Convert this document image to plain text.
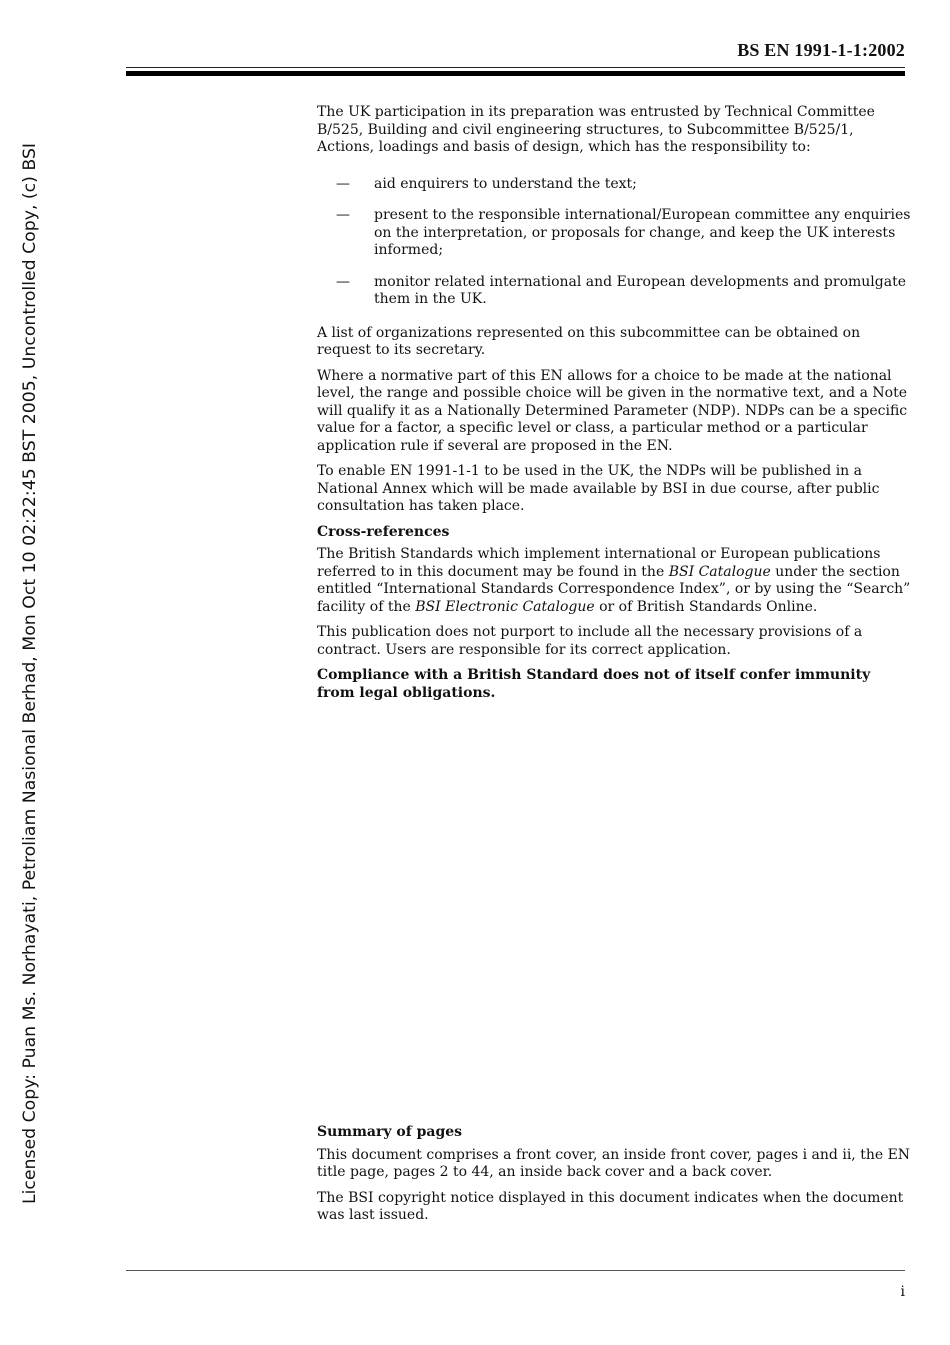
Licensed Copy: Puan Ms. Norhayati, Petroliam Nasional Berhad, Mon Oct 10 02:22:45 BST 2005, Uncontrolled Copy, (c) BSI
BS EN 1991-1-1:2002

The UK participation in its preparation was entrusted by Technical Committee B/525, Building and civil engineering structures, to Subcommittee B/525/1, Actions, loadings and basis of design, which has the responsibility to:

— aid enquirers to understand the text;
— present to the responsible international/European committee any enquiries on the interpretation, or proposals for change, and keep the UK interests informed;
— monitor related international and European developments and promulgate them in the UK.

A list of organizations represented on this subcommittee can be obtained on request to its secretary.

Where a normative part of this EN allows for a choice to be made at the national level, the range and possible choice will be given in the normative text, and a Note will qualify it as a Nationally Determined Parameter (NDP). NDPs can be a specific value for a factor, a specific level or class, a particular method or a particular application rule if several are proposed in the EN.

To enable EN 1991-1-1 to be used in the UK, the NDPs will be published in a National Annex which will be made available by BSI in due course, after public consultation has taken place.

Cross-references

The British Standards which implement international or European publications referred to in this document may be found in the BSI Catalogue under the section entitled “International Standards Correspondence Index”, or by using the “Search” facility of the BSI Electronic Catalogue or of British Standards Online.

This publication does not purport to include all the necessary provisions of a contract. Users are responsible for its correct application.

Compliance with a British Standard does not of itself confer immunity from legal obligations.

Summary of pages

This document comprises a front cover, an inside front cover, pages i and ii, the EN title page, pages 2 to 44, an inside back cover and a back cover.

The BSI copyright notice displayed in this document indicates when the document was last issued.

i
